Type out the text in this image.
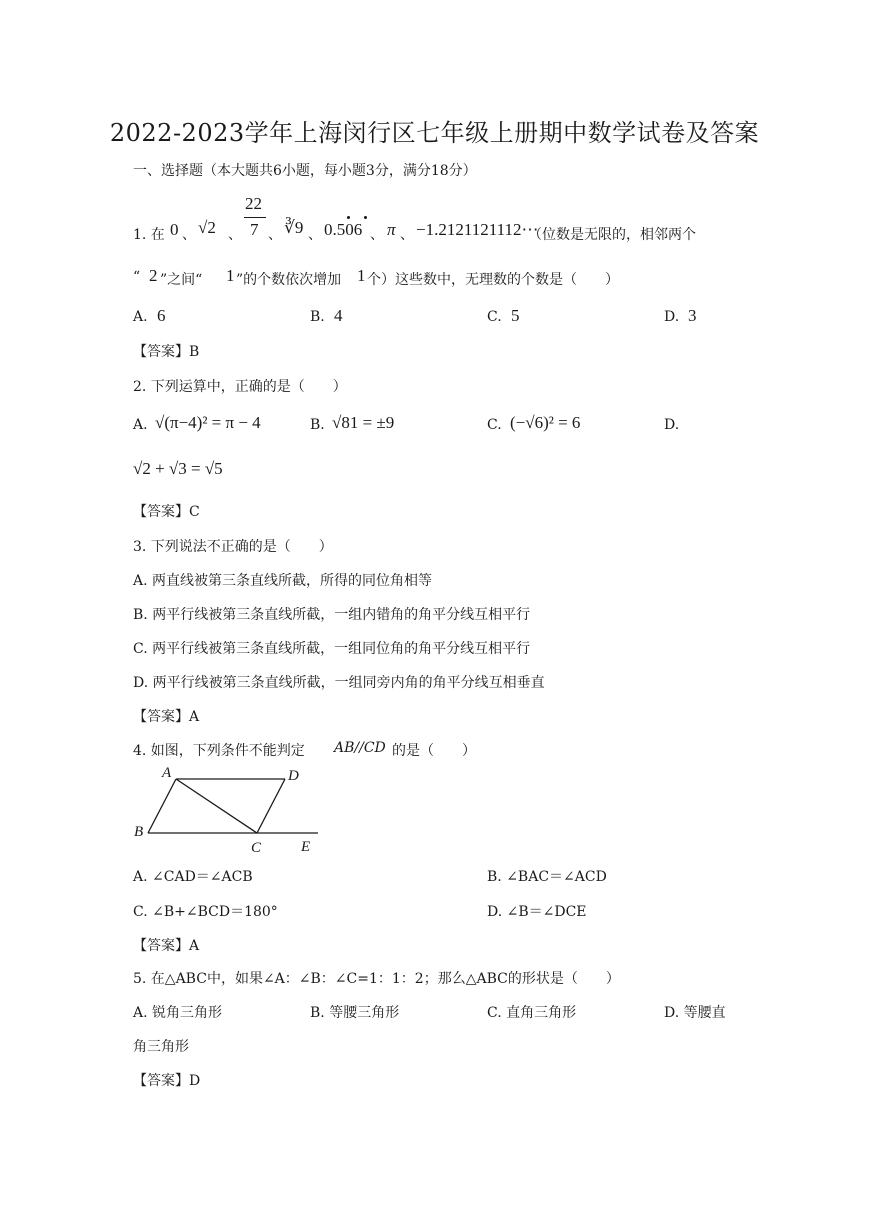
2022-2023学年上海闵行区七年级上册期中数学试卷及答案
一、选择题（本大题共6小题，每小题3分，满分18分）
1. 在 0 、 √2 、
22
7 、 ∛9 、 0.506 、 π 、 −1.2121121112⋯
（位数是无限的，相邻两个
“ 2 ”之间“ 1 ”的个数依次增加 1 个）这些数中，无理数的个数是（　　）
A. 6	B. 4	C. 5	D. 3
【答案】B
2. 下列运算中，正确的是（　　）
A. √(π−4)² = π − 4	B. √81 = ±9	C. (−√6)² = 6	D.
√2 + √3 = √5
【答案】C
3. 下列说法不正确的是（　　）
A. 两直线被第三条直线所截，所得的同位角相等
B. 两平行线被第三条直线所截，一组内错角的角平分线互相平行
C. 两平行线被第三条直线所截，一组同位角的角平分线互相平行
D. 两平行线被第三条直线所截，一组同旁内角的角平分线互相垂直
【答案】A
4. 如图，下列条件不能判定 AB//CD 的是（　　）
A	D
B
C	E
A. ∠CAD＝∠ACB	B. ∠BAC＝∠ACD
C. ∠B+∠BCD＝180°	D. ∠B＝∠DCE
【答案】A
5. 在△ABC中，如果∠A：∠B：∠C=1：1：2；那么△ABC的形状是（　　）
A. 锐角三角形	B. 等腰三角形	C. 直角三角形	D. 等腰直
角三角形
【答案】D
